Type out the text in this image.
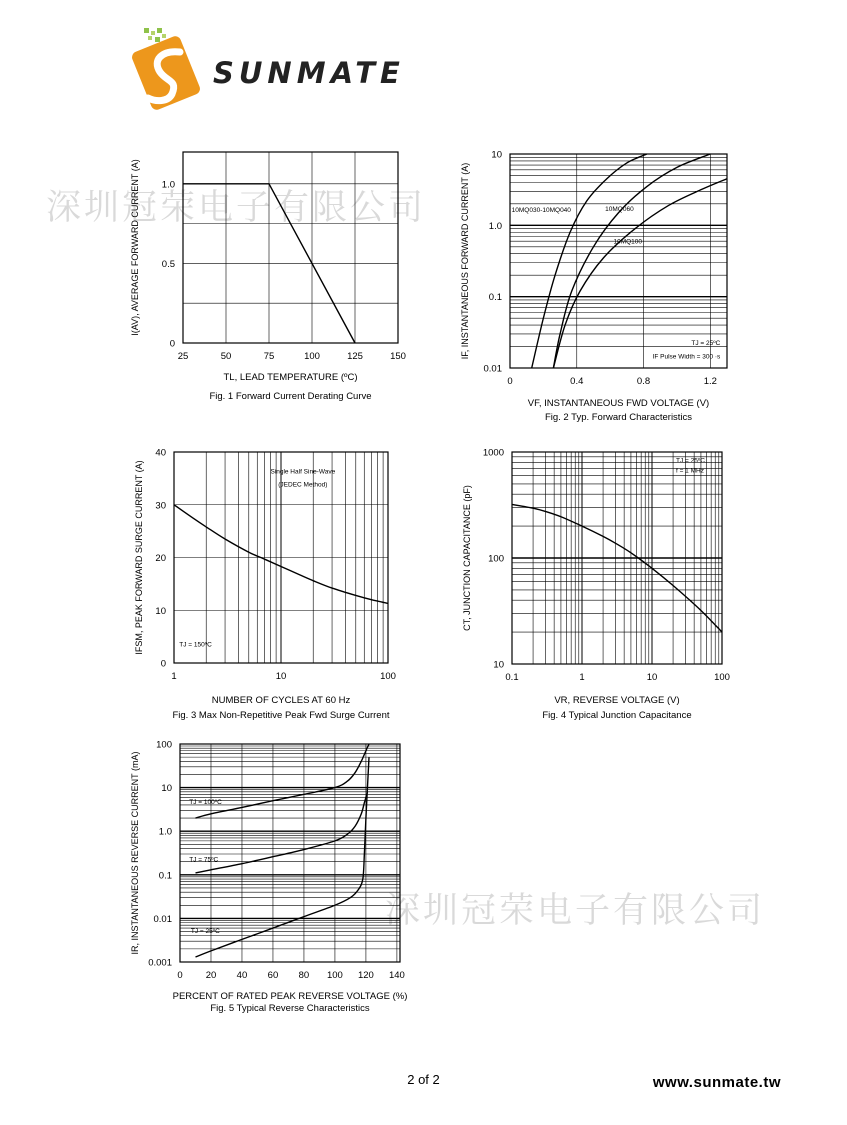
SUNMATE
深圳冠荣电子有限公司
深圳冠荣电子有限公司
25	50	75	100	125	150
0
0.5
1.0
I(AV), AVERAGE FORWARD CURRENT (A)
TL, LEAD TEMPERATURE (ºC)
Fig. 1 Forward Current Derating Curve
0	0.4	0.8	1.2
0.01
0.1
1.0
10
10MQ030-10MQ040	10MQ060
10MQ100
TJ = 25ºC
IF Pulse Width = 300 ·s
IF, INSTANTANEOUS FORWARD CURRENT (A)
VF, INSTANTANEOUS FWD VOLTAGE (V)
Fig. 2 Typ. Forward Characteristics
1	10	100
0
10
20
30
40
Single Half Sine-Wave
(JEDEC Method)
TJ = 150ºC
IFSM, PEAK FORWARD SURGE CURRENT (A)
NUMBER OF CYCLES AT 60 Hz
Fig. 3 Max Non-Repetitive Peak Fwd Surge Current
0.1	1	10	100
10
100
1000
TJ = 25ºC
f = 1 MHz
CT, JUNCTION CAPACITANCE (pF)
VR, REVERSE VOLTAGE (V)
Fig. 4 Typical Junction Capacitance
0 20 40 60 80 100 120 140
0.001
0.01
0.1
1.0
10
100
TJ = 100ºC
TJ = 75ºC
TJ = 25ºC
IR, INSTANTANEOUS REVERSE CURRENT (mA)
PERCENT OF RATED PEAK REVERSE VOLTAGE (%)
Fig. 5 Typical Reverse Characteristics
2 of 2	www.sunmate.tw
